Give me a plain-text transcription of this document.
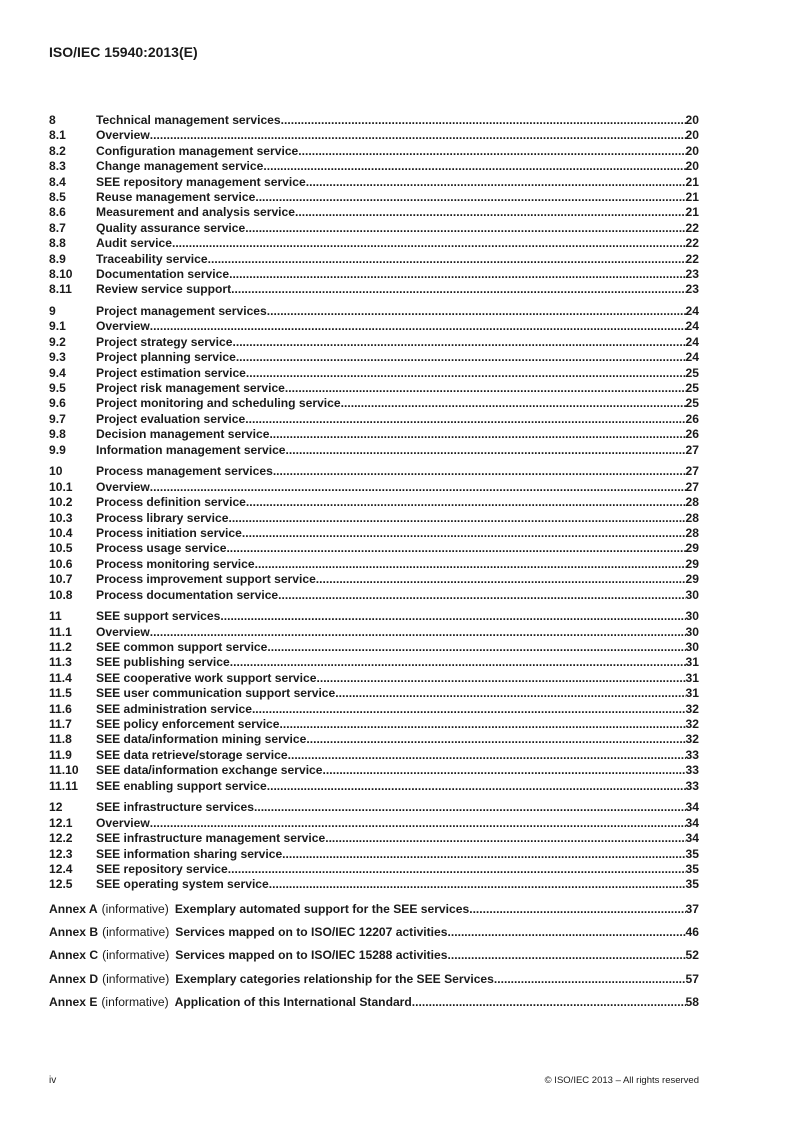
ISO/IEC 15940:2013(E)
8	Technical management services .....	20
8.1	Overview .....	20
8.2	Configuration management service .....	20
8.3	Change management service .....	20
8.4	SEE repository management service .....	21
8.5	Reuse management service .....	21
8.6	Measurement and analysis service .....	21
8.7	Quality assurance service .....	22
8.8	Audit service .....	22
8.9	Traceability service .....	22
8.10	Documentation service .....	23
8.11	Review service support .....	23
9	Project management services .....	24
9.1	Overview .....	24
9.2	Project strategy service .....	24
9.3	Project planning service .....	24
9.4	Project estimation service .....	25
9.5	Project risk management service .....	25
9.6	Project monitoring and scheduling service .....	25
9.7	Project evaluation service .....	26
9.8	Decision management service .....	26
9.9	Information management service .....	27
10	Process management services .....	27
10.1	Overview .....	27
10.2	Process definition service .....	28
10.3	Process library service .....	28
10.4	Process initiation service .....	28
10.5	Process usage service .....	29
10.6	Process monitoring service .....	29
10.7	Process improvement support service .....	29
10.8	Process documentation service .....	30
11	SEE support services .....	30
11.1	Overview .....	30
11.2	SEE common support service .....	30
11.3	SEE publishing service .....	31
11.4	SEE cooperative work support service .....	31
11.5	SEE user communication support service .....	31
11.6	SEE administration service .....	32
11.7	SEE policy enforcement service .....	32
11.8	SEE data/information mining service .....	32
11.9	SEE data retrieve/storage service .....	33
11.10	SEE data/information exchange service .....	33
11.11	SEE enabling support service .....	33
12	SEE infrastructure services .....	34
12.1	Overview .....	34
12.2	SEE infrastructure management service .....	34
12.3	SEE information sharing service .....	35
12.4	SEE repository service .....	35
12.5	SEE operating system service .....	35
Annex A (informative) Exemplary automated support for the SEE services .....	37
Annex B (informative) Services mapped on to ISO/IEC 12207 activities .....	46
Annex C (informative) Services mapped on to ISO/IEC 15288 activities .....	52
Annex D (informative) Exemplary categories relationship for the SEE Services .....	57
Annex E (informative) Application of this International Standard .....	58
iv	© ISO/IEC 2013 – All rights reserved
